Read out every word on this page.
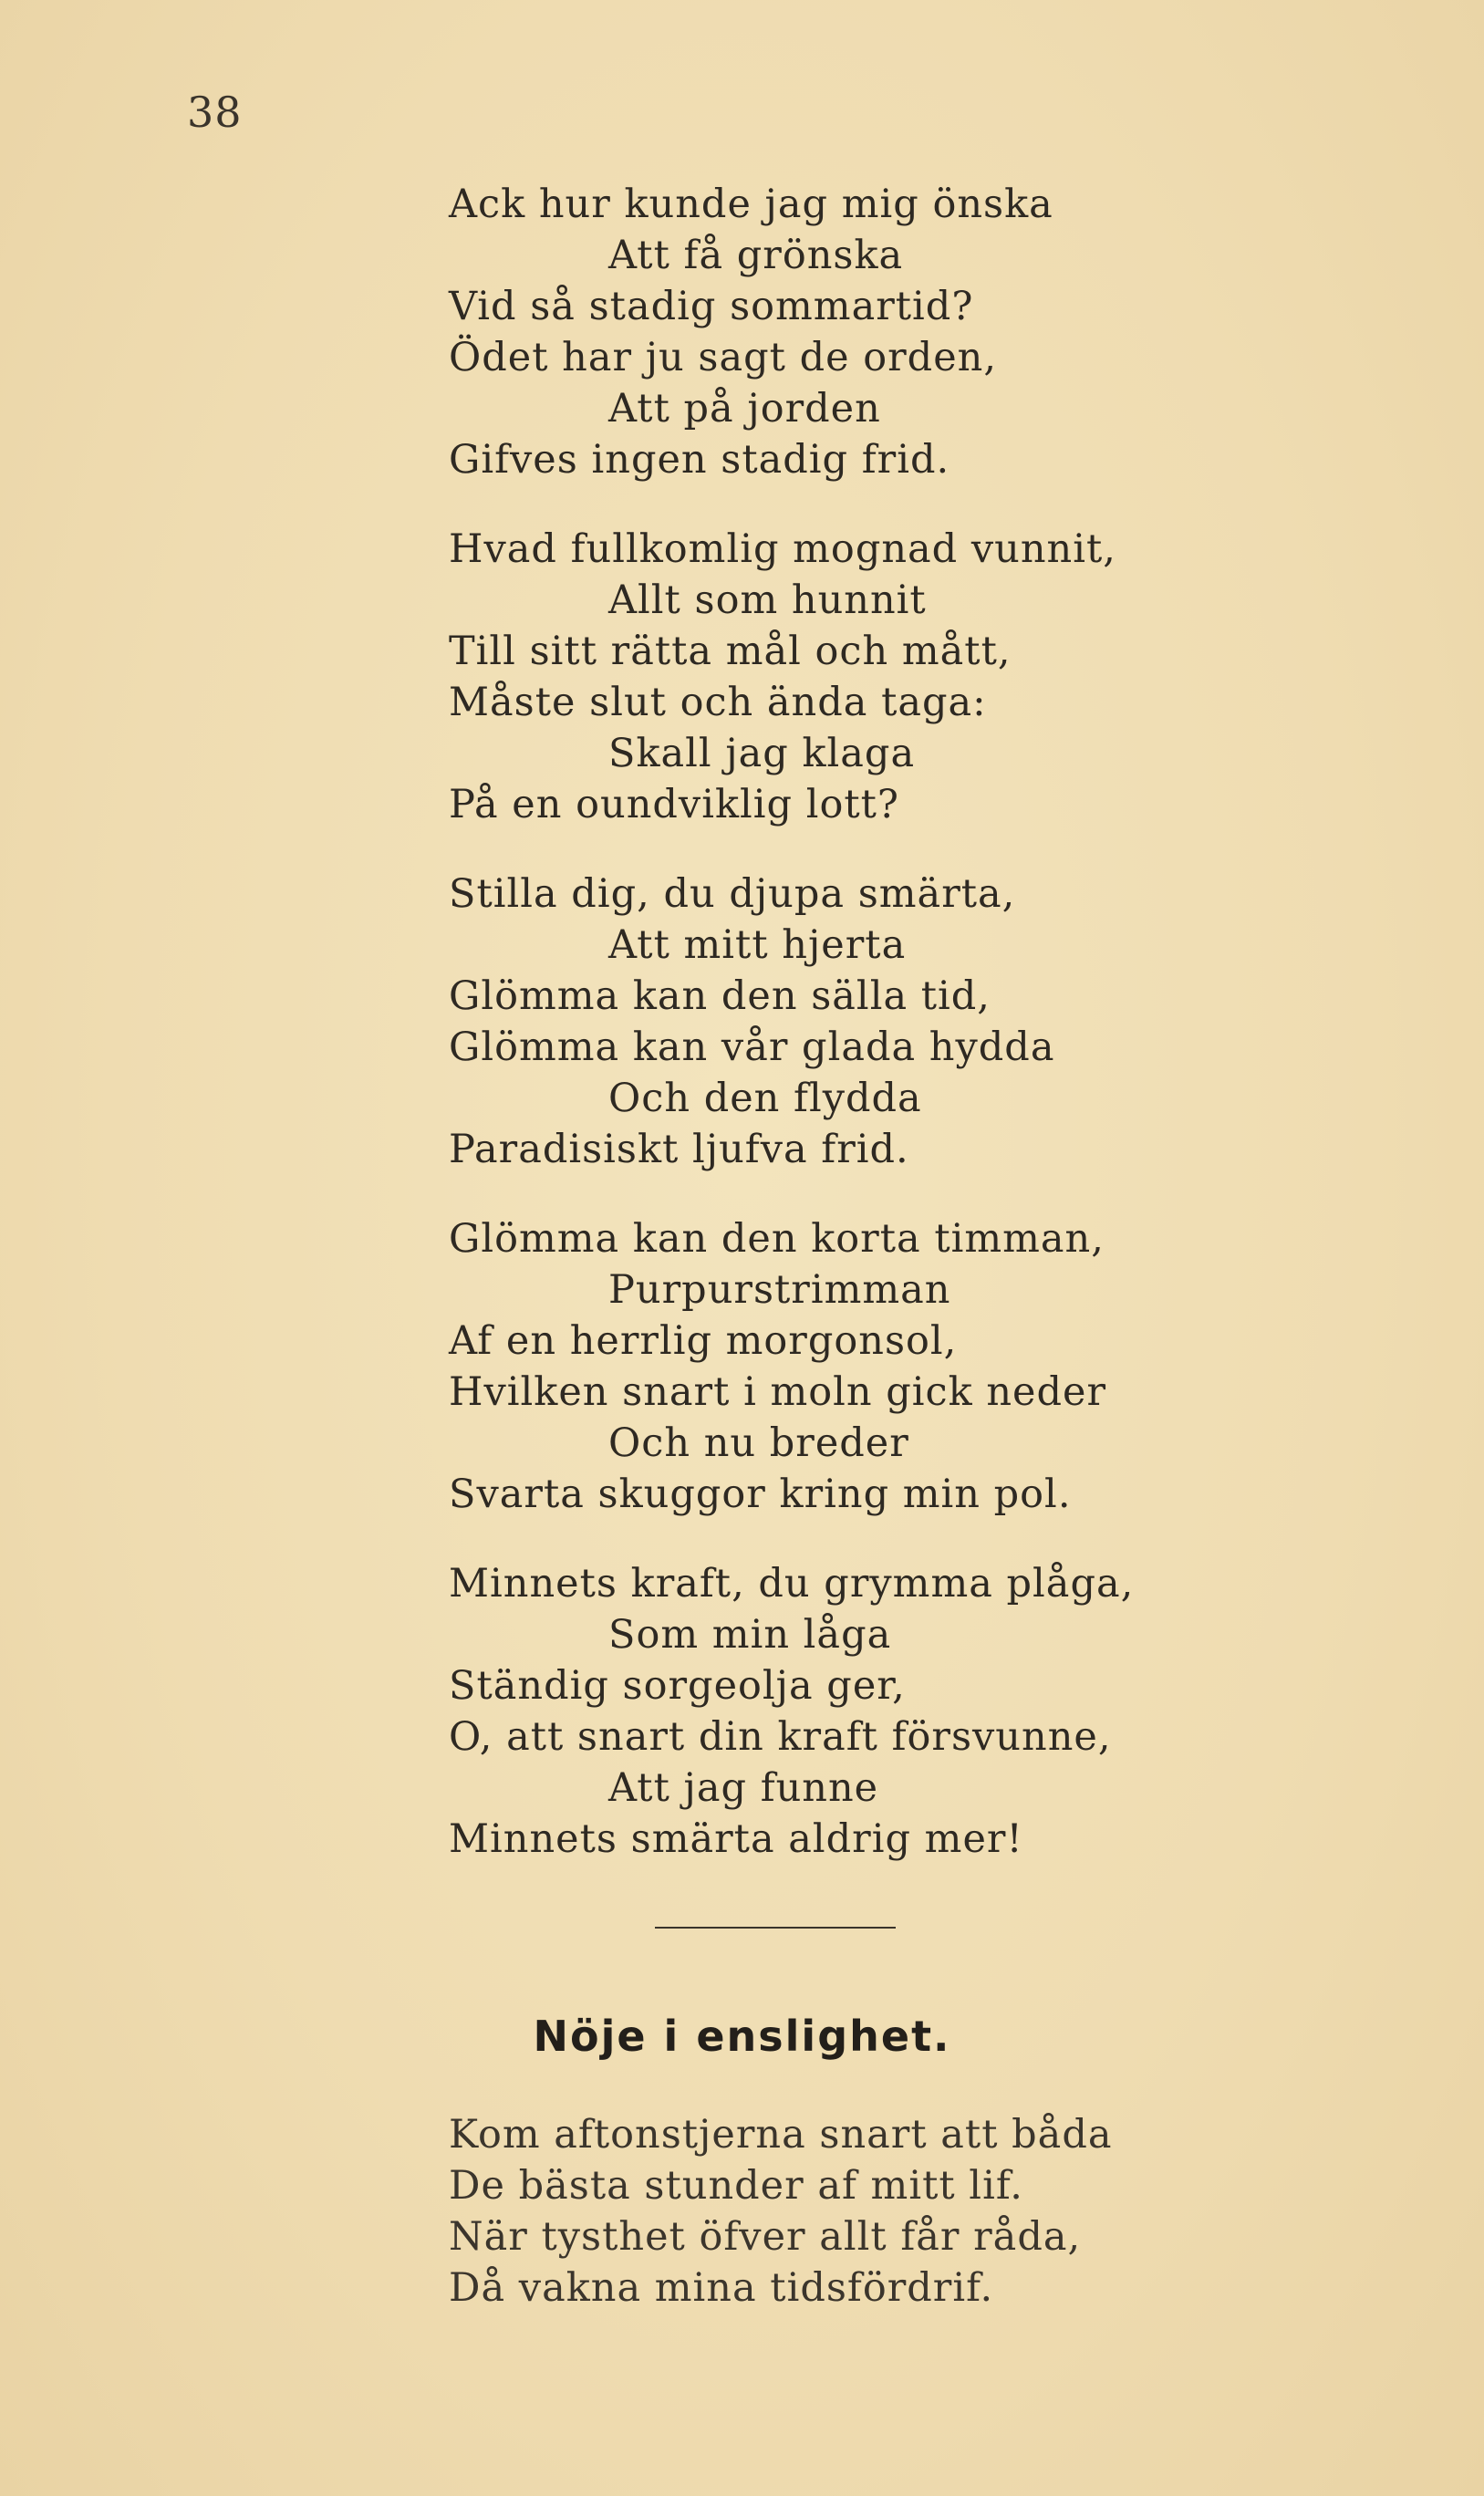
38
Ack hur kunde jag mig önska
Att få grönska
Vid så stadig sommartid?
Ödet har ju sagt de orden,
Att på jorden
Gifves ingen stadig frid.
Hvad fullkomlig mognad vunnit,
Allt som hunnit
Till sitt rätta mål och mått,
Måste slut och ända taga:
Skall jag klaga
På en oundviklig lott?
Stilla dig, du djupa smärta,
Att mitt hjerta
Glömma kan den sälla tid,
Glömma kan vår glada hydda
Och den flydda
Paradisiskt ljufva frid.
Glömma kan den korta timman,
Purpurstrimman
Af en herrlig morgonsol,
Hvilken snart i moln gick neder
Och nu breder
Svarta skuggor kring min pol.
Minnets kraft, du grymma plåga,
Som min låga
Ständig sorgeolja ger,
O, att snart din kraft försvunne,
Att jag funne
Minnets smärta aldrig mer!
Nöje i enslighet.
Kom aftonstjerna snart att båda
De bästa stunder af mitt lif.
När tysthet öfver allt får råda,
Då vakna mina tidsfördrif.
